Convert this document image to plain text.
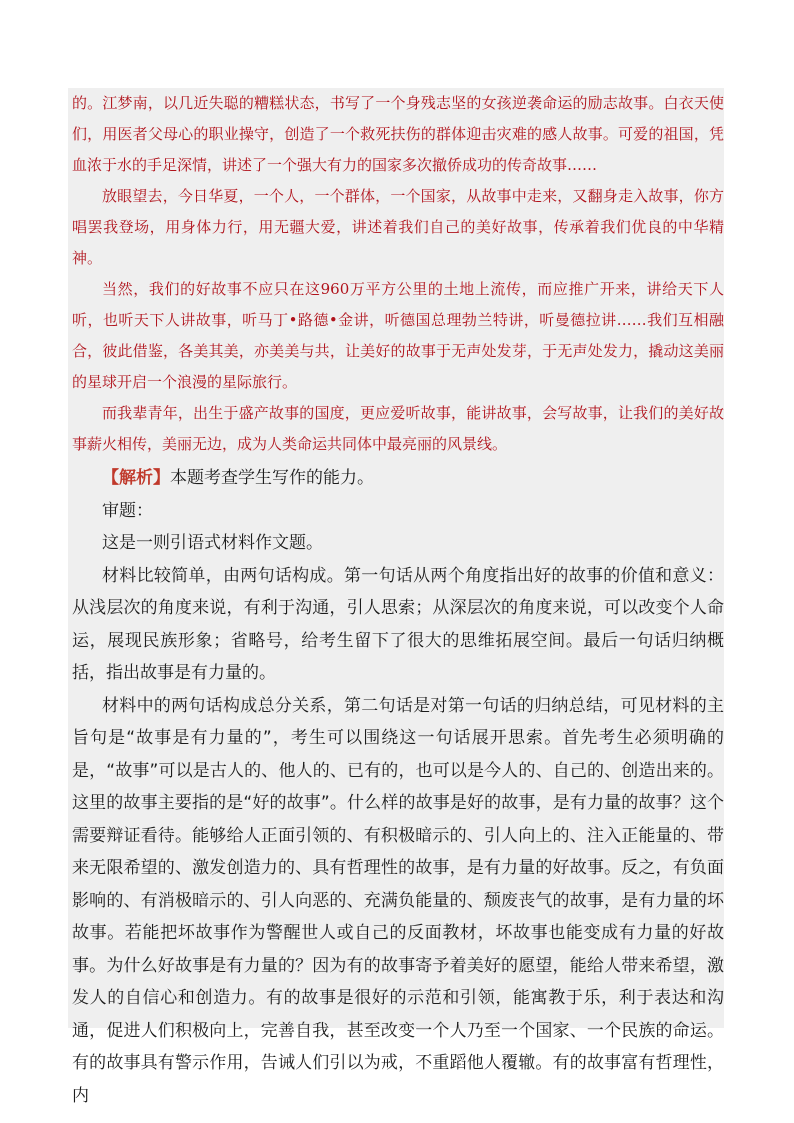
的。江梦南，以几近失聪的糟糕状态，书写了一个身残志坚的女孩逆袭命运的励志故事。白衣天使们，用医者父母心的职业操守，创造了一个救死扶伤的群体迎击灾难的感人故事。可爱的祖国，凭血浓于水的手足深情，讲述了一个强大有力的国家多次撤侨成功的传奇故事……

放眼望去，今日华夏，一个人，一个群体，一个国家，从故事中走来，又翻身走入故事，你方唱罢我登场，用身体力行，用无疆大爱，讲述着我们自己的美好故事，传承着我们优良的中华精神。

当然，我们的好故事不应只在这960万平方公里的土地上流传，而应推广开来，讲给天下人听，也听天下人讲故事，听马丁•路德•金讲，听德国总理勃兰特讲，听曼德拉讲……我们互相融合，彼此借鉴，各美其美，亦美美与共，让美好的故事于无声处发芽，于无声处发力，撬动这美丽的星球开启一个浪漫的星际旅行。

而我辈青年，出生于盛产故事的国度，更应爱听故事，能讲故事，会写故事，让我们的美好故事薪火相传，美丽无边，成为人类命运共同体中最亮丽的风景线。

【解析】本题考查学生写作的能力。

审题：

这是一则引语式材料作文题。

材料比较简单，由两句话构成。第一句话从两个角度指出好的故事的价值和意义：从浅层次的角度来说，有利于沟通，引人思索；从深层次的角度来说，可以改变个人命运，展现民族形象；省略号，给考生留下了很大的思维拓展空间。最后一句话归纳概括，指出故事是有力量的。

材料中的两句话构成总分关系，第二句话是对第一句话的归纳总结，可见材料的主旨句是“故事是有力量的”，考生可以围绕这一句话展开思索。首先考生必须明确的是，“故事”可以是古人的、他人的、已有的，也可以是今人的、自己的、创造出来的。这里的故事主要指的是“好的故事”。什么样的故事是好的故事，是有力量的故事？这个需要辩证看待。能够给人正面引领的、有积极暗示的、引人向上的、注入正能量的、带来无限希望的、激发创造力的、具有哲理性的故事，是有力量的好故事。反之，有负面影响的、有消极暗示的、引人向恶的、充满负能量的、颓废丧气的故事，是有力量的坏故事。若能把坏故事作为警醒世人或自己的反面教材，坏故事也能变成有力量的好故事。为什么好故事是有力量的？因为有的故事寄予着美好的愿望，能给人带来希望，激发人的自信心和创造力。有的故事是很好的示范和引领，能寓教于乐，利于表达和沟通，促进人们积极向上，完善自我，甚至改变一个人乃至一个国家、一个民族的命运。有的故事具有警示作用，告诫人们引以为戒，不重蹈他人覆辙。有的故事富有哲理性，内
